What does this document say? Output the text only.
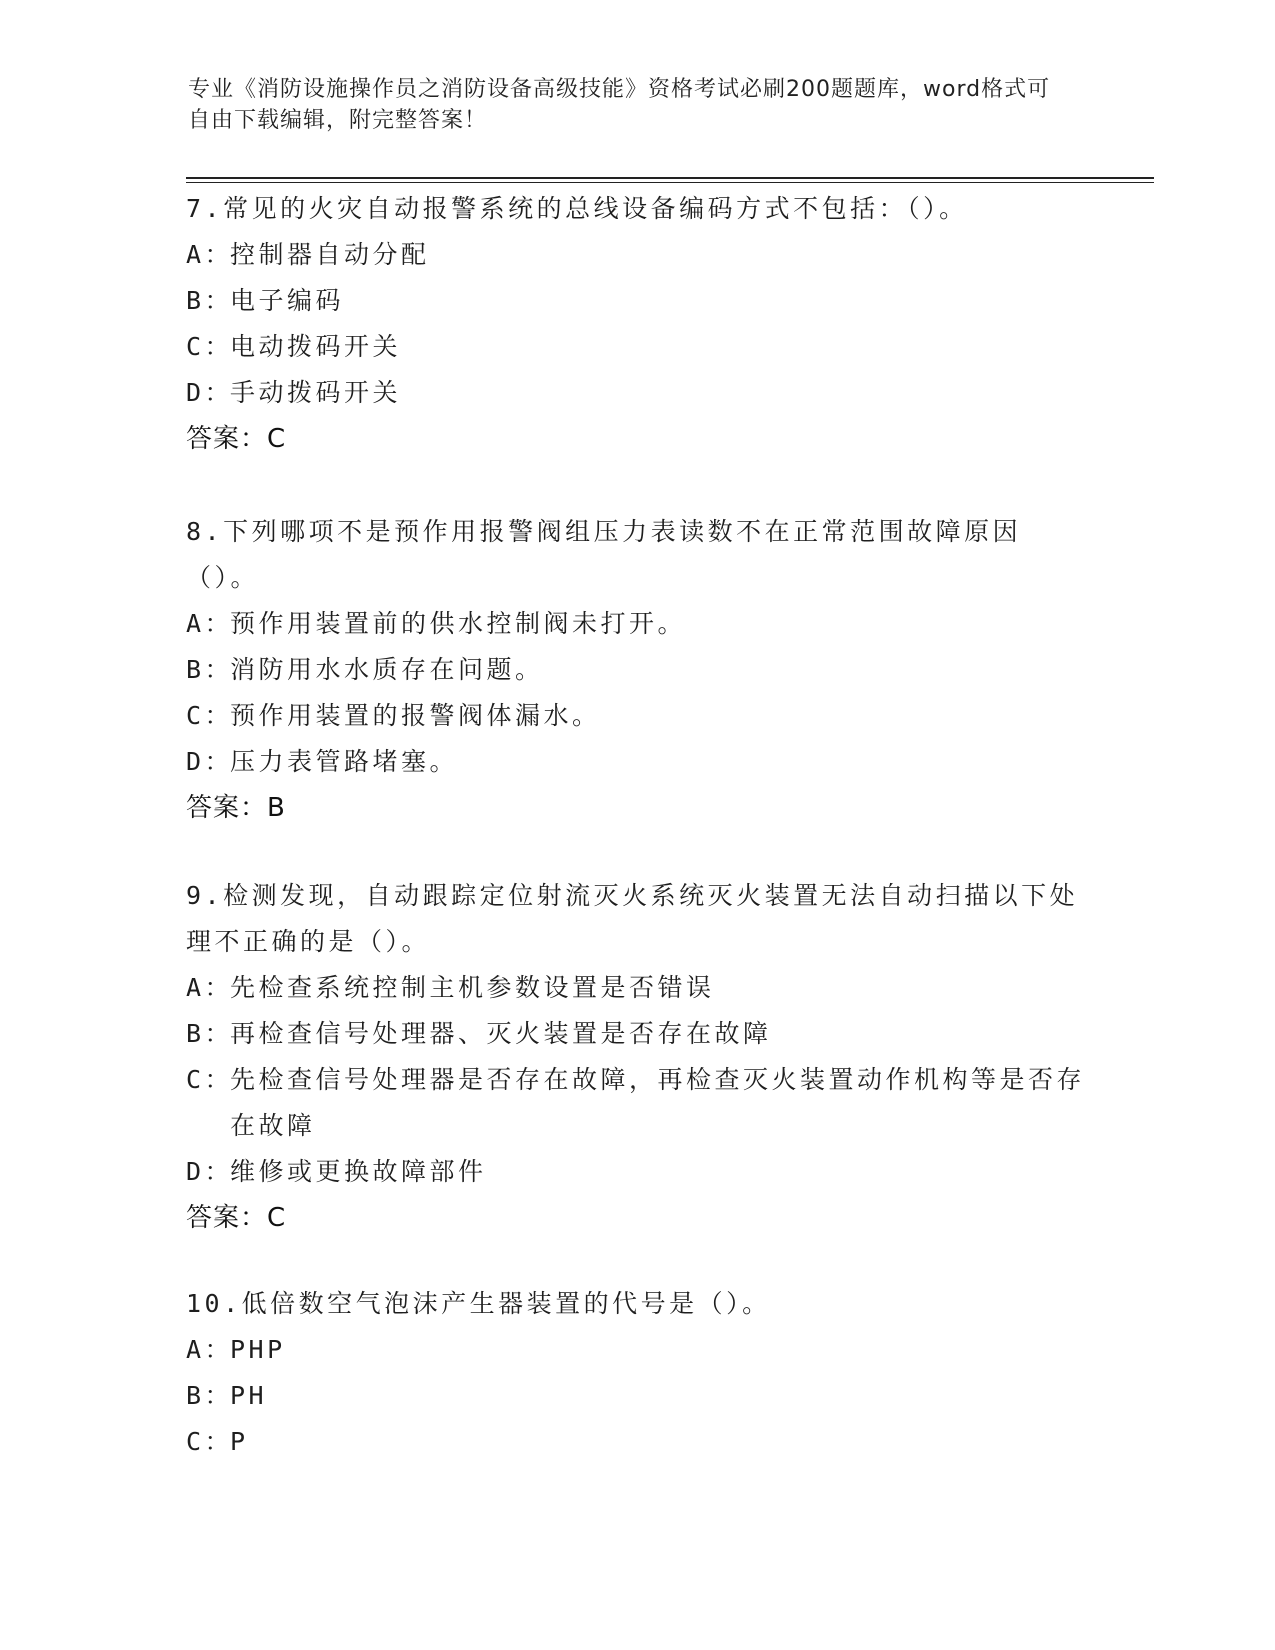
专业《消防设施操作员之消防设备高级技能》资格考试必刷200题题库，word格式可自由下载编辑，附完整答案！
7.常见的火灾自动报警系统的总线设备编码方式不包括：（）。
A：
控制器自动分配
B：
电子编码
C：
电动拨码开关
D：
手动拨码开关
答案：C
8.下列哪项不是预作用报警阀组压力表读数不在正常范围故障原因（）。
A：
预作用装置前的供水控制阀未打开。
B：
消防用水水质存在问题。
C：
预作用装置的报警阀体漏水。
D：
压力表管路堵塞。
答案：B
9.检测发现，自动跟踪定位射流灭火系统灭火装置无法自动扫描以下处理不正确的是（）。
A：
先检查系统控制主机参数设置是否错误
B：
再检查信号处理器、灭火装置是否存在故障
C：
先检查信号处理器是否存在故障，再检查灭火装置动作机构等是否存在故障
D：
维修或更换故障部件
答案：C
10.低倍数空气泡沫产生器装置的代号是（）。
A：
PHP
B：
PH
C：
P
